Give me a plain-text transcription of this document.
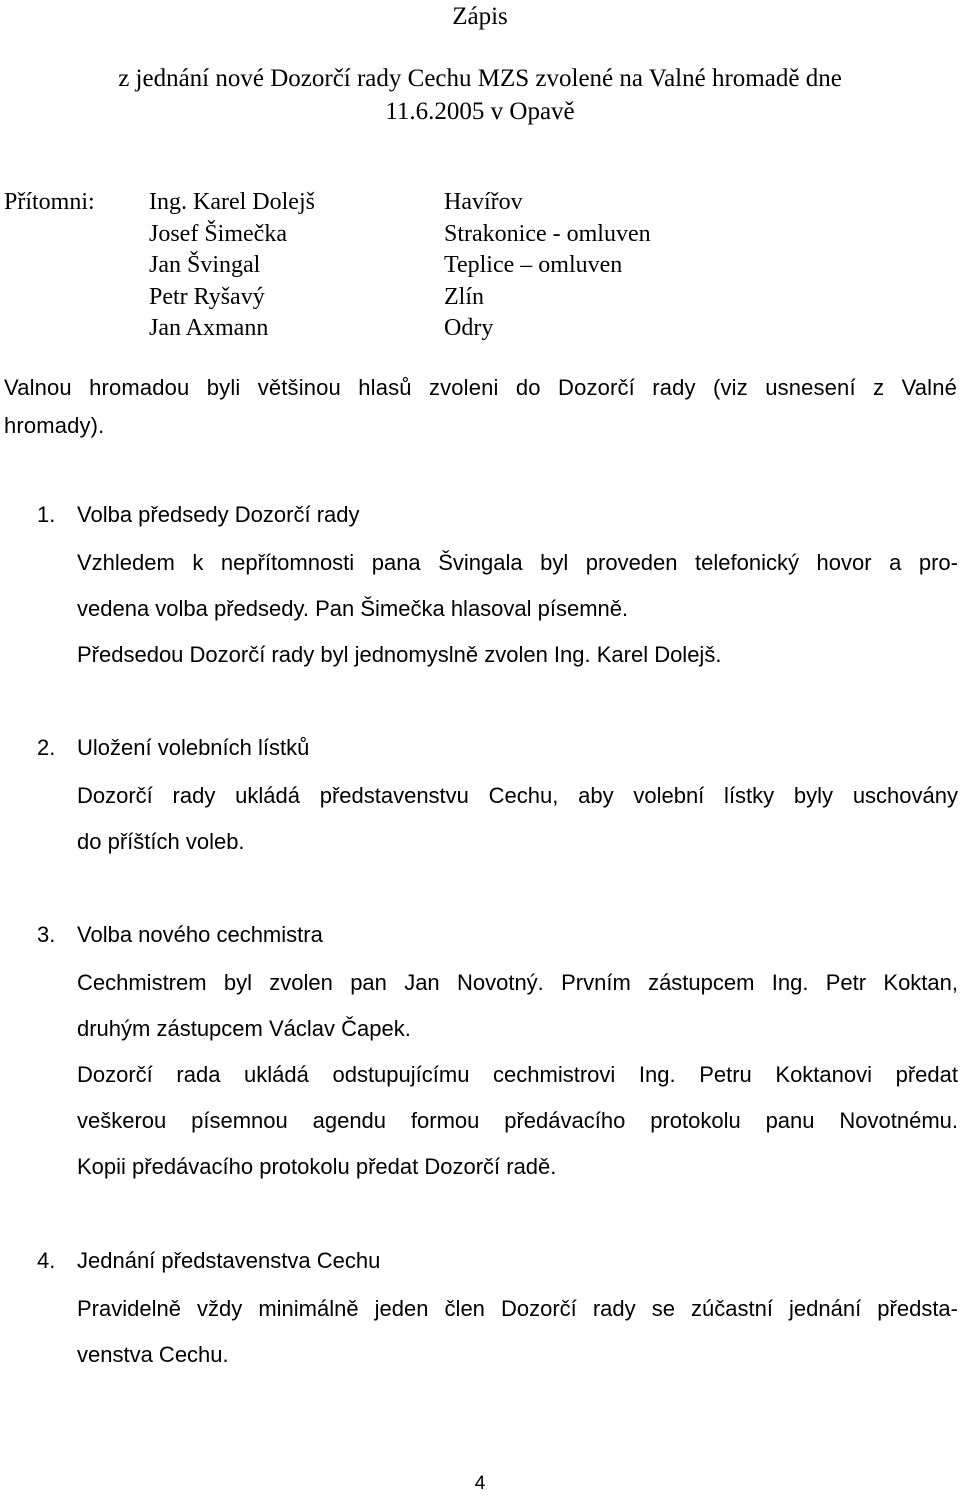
Zápis
z jednání nové Dozorčí rady Cechu MZS zvolené na Valné hromadě dne
11.6.2005 v Opavě
Přítomni: Ing. Karel Dolejš
Josef Šimečka
Jan Švingal
Petr Ryšavý
Jan Axmann
Havířov
Strakonice - omluven
Teplice – omluven
Zlín
Odry
Valnou hromadou byli většinou hlasů zvoleni do Dozorčí rady (viz usnesení z Valné
hromady).
1. Volba předsedy Dozorčí rady
Vzhledem k nepřítomnosti pana Švingala byl proveden telefonický hovor a pro-
vedena volba předsedy. Pan Šimečka hlasoval písemně.
Předsedou Dozorčí rady byl jednomyslně zvolen Ing. Karel Dolejš.
2. Uložení volebních lístků
Dozorčí rady ukládá představenstvu Cechu, aby volební lístky byly uschovány
do příštích voleb.
3. Volba nového cechmistra
Cechmistrem byl zvolen pan Jan Novotný. Prvním zástupcem Ing. Petr Koktan,
druhým zástupcem Václav Čapek.
Dozorčí rada ukládá odstupujícímu cechmistrovi Ing. Petru Koktanovi předat
veškerou písemnou agendu formou předávacího protokolu panu Novotnému.
Kopii předávacího protokolu předat Dozorčí radě.
4. Jednání představenstva Cechu
Pravidelně vždy minimálně jeden člen Dozorčí rady se zúčastní jednání předsta-
venstva Cechu.
4
